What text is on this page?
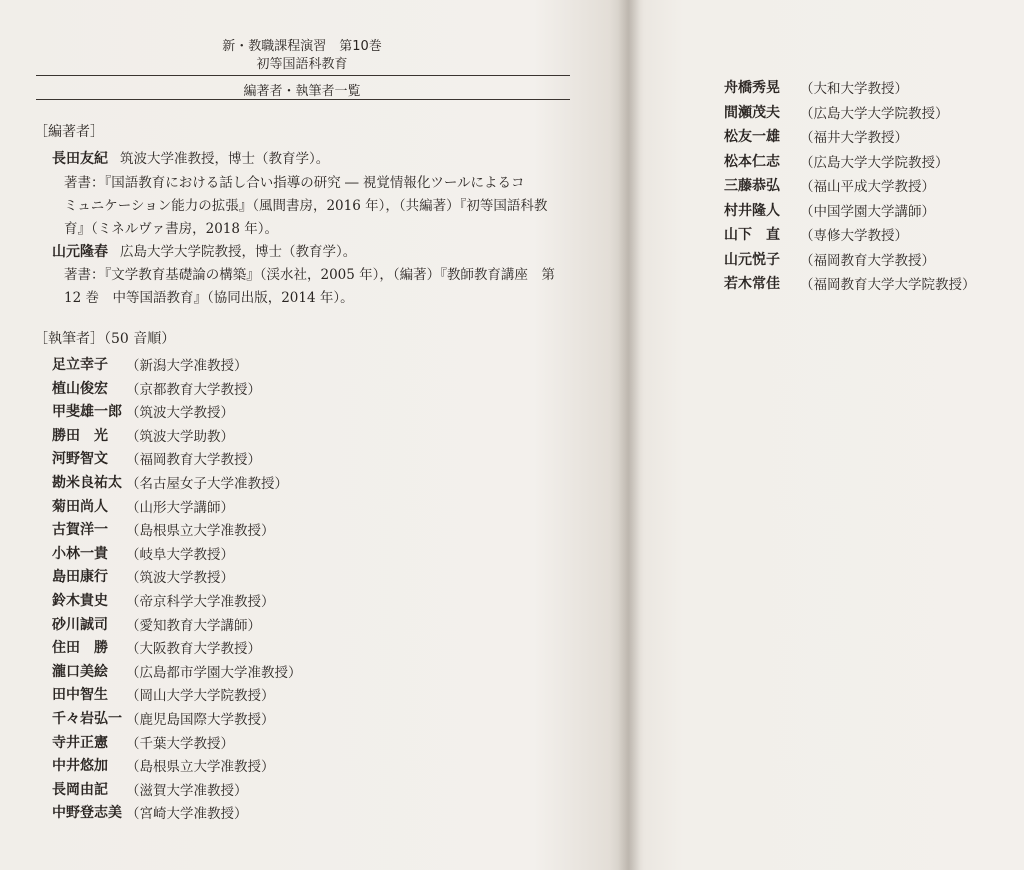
新・教職課程演習　第10巻
初等国語科教育
編著者・執筆者一覧
［編著者］
長田友紀 筑波大学准教授，博士（教育学）。
著書：『国語教育における話し合い指導の研究 ― 視覚情報化ツールによるコ
ミュニケーション能力の拡張』（風間書房，2016 年），（共編著）『初等国語科教
育』（ミネルヴァ書房，2018 年）。
山元隆春 広島大学大学院教授，博士（教育学）。
著書：『文学教育基礎論の構築』（渓水社，2005 年），（編著）『教師教育講座　第
12 巻　中等国語教育』（協同出版，2014 年）。
［執筆者］（50 音順）
足立幸子 （新潟大学准教授）
植山俊宏 （京都教育大学教授）
甲斐雄一郎 （筑波大学教授）
勝田　光 （筑波大学助教）
河野智文 （福岡教育大学教授）
勘米良祐太 （名古屋女子大学准教授）
菊田尚人 （山形大学講師）
古賀洋一 （島根県立大学准教授）
小林一貴 （岐阜大学教授）
島田康行 （筑波大学教授）
鈴木貴史 （帝京科学大学准教授）
砂川誠司 （愛知教育大学講師）
住田　勝 （大阪教育大学教授）
瀧口美絵 （広島都市学園大学准教授）
田中智生 （岡山大学大学院教授）
千々岩弘一 （鹿児島国際大学教授）
寺井正憲 （千葉大学教授）
中井悠加 （島根県立大学准教授）
長岡由記 （滋賀大学准教授）
中野登志美 （宮崎大学准教授）
舟橋秀晃 （大和大学教授）
間瀬茂夫 （広島大学大学院教授）
松友一雄 （福井大学教授）
松本仁志 （広島大学大学院教授）
三藤恭弘 （福山平成大学教授）
村井隆人 （中国学園大学講師）
山下　直 （専修大学教授）
山元悦子 （福岡教育大学教授）
若木常佳 （福岡教育大学大学院教授）
